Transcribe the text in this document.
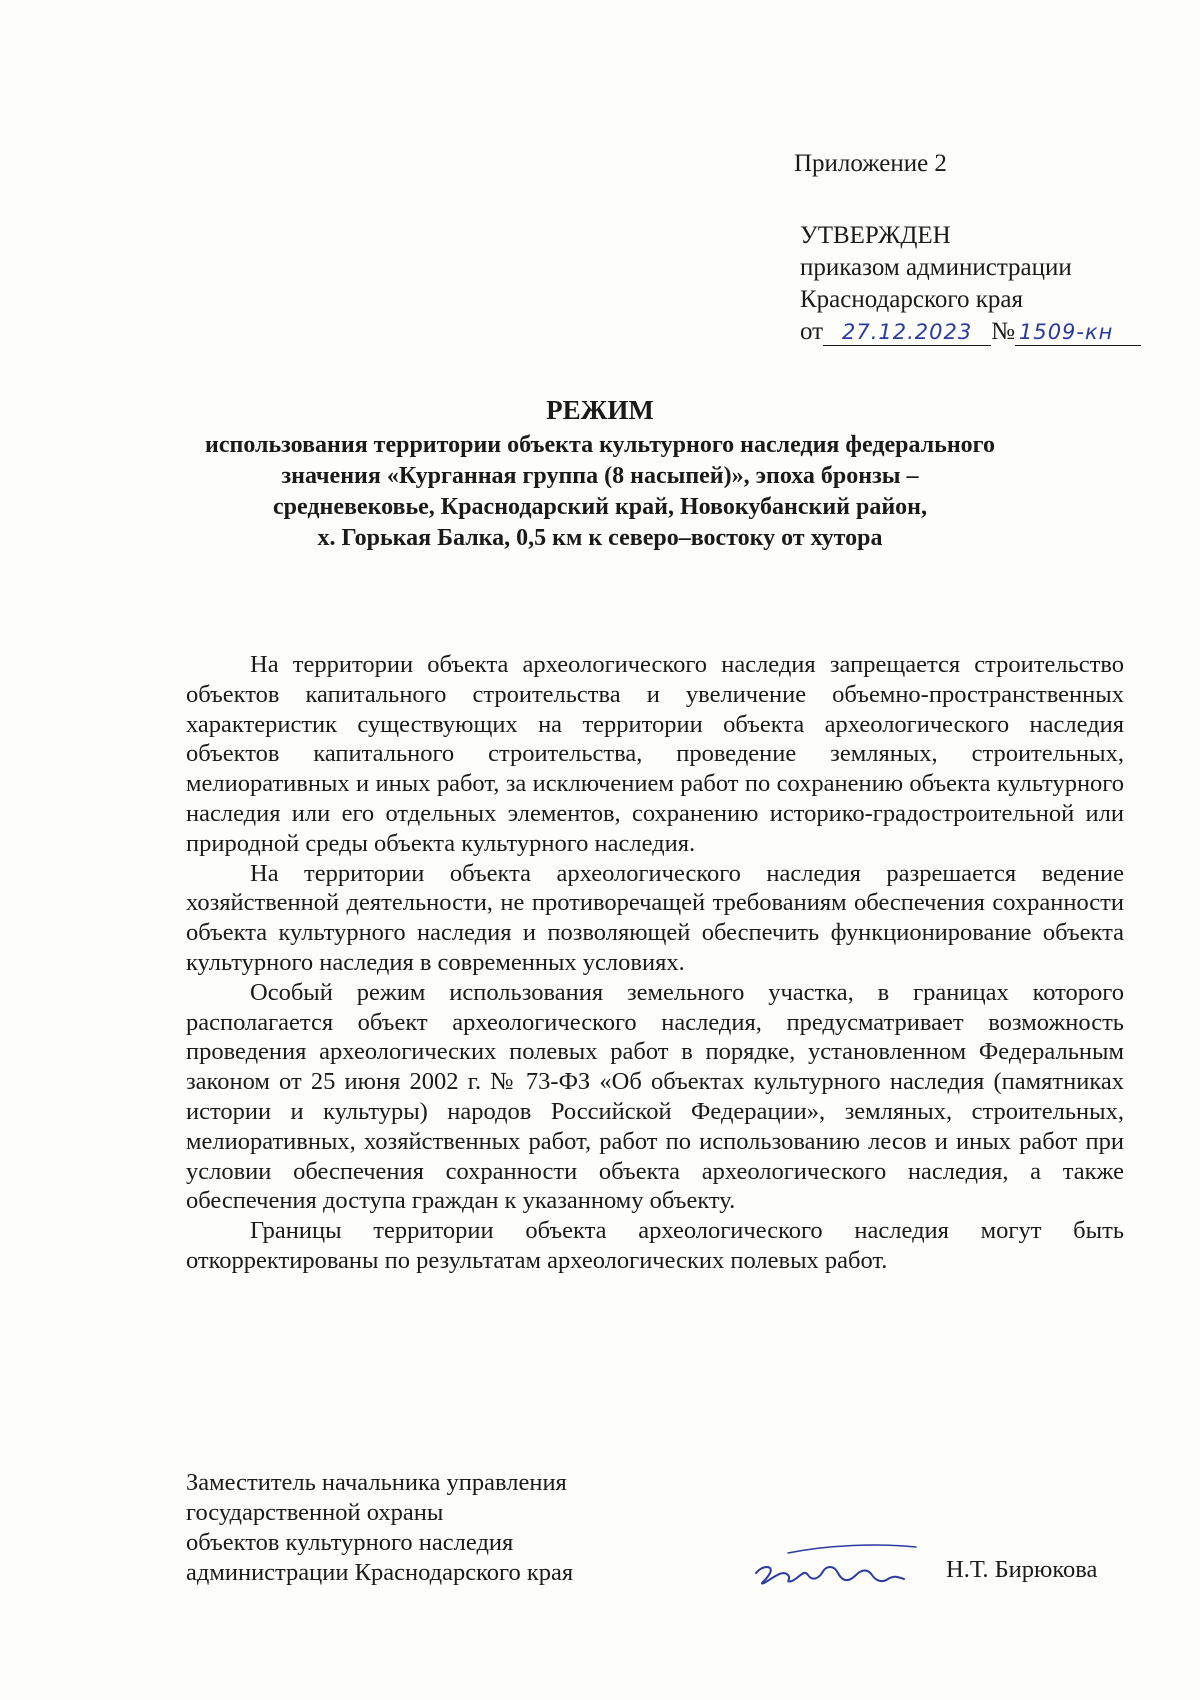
Приложение 2
УТВЕРЖДЕН
приказом администрации
Краснодарского края
от 27.12.2023 № 1509-кн
РЕЖИМ
использования территории объекта культурного наследия федерального
значения «Курганная группа (8 насыпей)», эпоха бронзы –
средневековье, Краснодарский край, Новокубанский район,
х. Горькая Балка, 0,5 км к северо–востоку от хутора

На территории объекта археологического наследия запрещается строительство объектов капитального строительства и увеличение объемно-пространственных характеристик существующих на территории объекта археологического наследия объектов капитального строительства, проведение земляных, строительных, мелиоративных и иных работ, за исключением работ по сохранению объекта культурного наследия или его отдельных элементов, сохранению историко-градостроительной или природной среды объекта культурного наследия.

На территории объекта археологического наследия разрешается ведение хозяйственной деятельности, не противоречащей требованиям обеспечения сохранности объекта культурного наследия и позволяющей обеспечить функционирование объекта культурного наследия в современных условиях.

Особый режим использования земельного участка, в границах которого располагается объект археологического наследия, предусматривает возможность проведения археологических полевых работ в порядке, установленном Федеральным законом от 25 июня 2002 г. № 73-ФЗ «Об объектах культурного наследия (памятниках истории и культуры) народов Российской Федерации», земляных, строительных, мелиоративных, хозяйственных работ, работ по использованию лесов и иных работ при условии обеспечения сохранности объекта археологического наследия, а также обеспечения доступа граждан к указанному объекту.

Границы территории объекта археологического наследия могут быть откорректированы по результатам археологических полевых работ.

Заместитель начальника управления
государственной охраны
объектов культурного наследия
администрации Краснодарского края	Н.Т. Бирюкова
